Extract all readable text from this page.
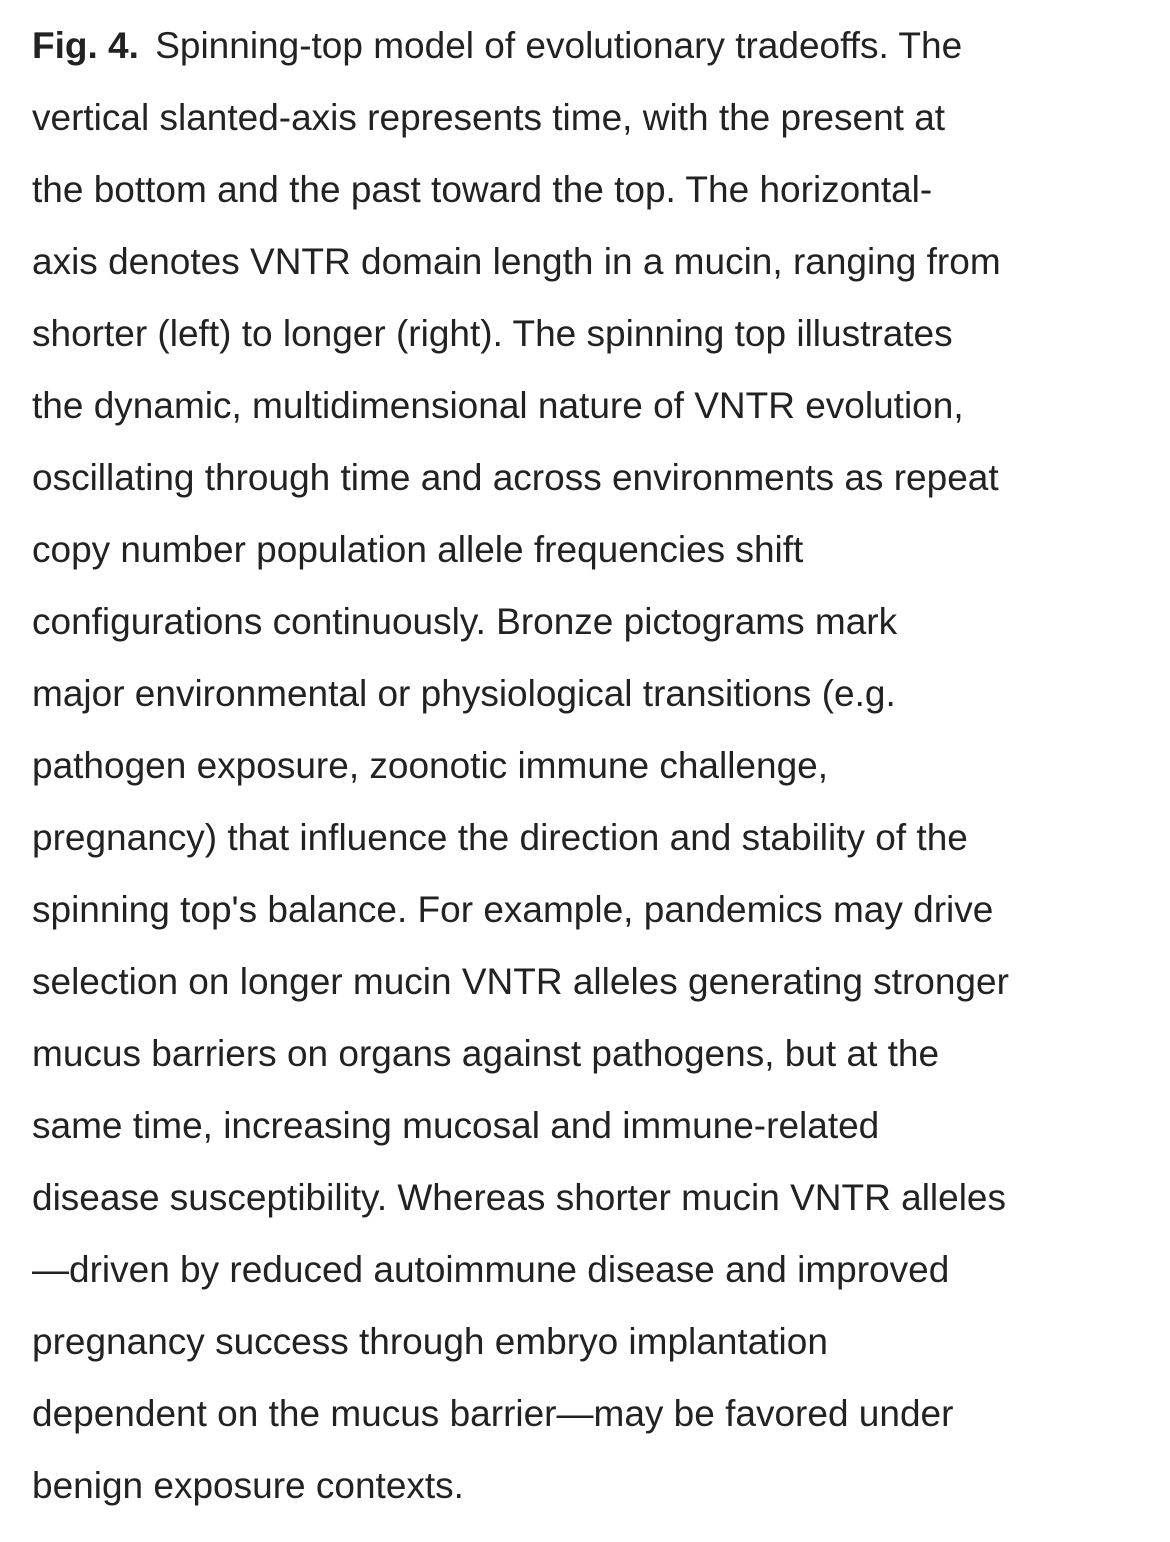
Fig. 4. Spinning-top model of evolutionary tradeoffs. The
vertical slanted-axis represents time, with the present at
the bottom and the past toward the top. The horizontal-
axis denotes VNTR domain length in a mucin, ranging from
shorter (left) to longer (right). The spinning top illustrates
the dynamic, multidimensional nature of VNTR evolution,
oscillating through time and across environments as repeat
copy number population allele frequencies shift
configurations continuously. Bronze pictograms mark
major environmental or physiological transitions (e.g.
pathogen exposure, zoonotic immune challenge,
pregnancy) that influence the direction and stability of the
spinning top's balance. For example, pandemics may drive
selection on longer mucin VNTR alleles generating stronger
mucus barriers on organs against pathogens, but at the
same time, increasing mucosal and immune-related
disease susceptibility. Whereas shorter mucin VNTR alleles
—driven by reduced autoimmune disease and improved
pregnancy success through embryo implantation
dependent on the mucus barrier—may be favored under
benign exposure contexts.
